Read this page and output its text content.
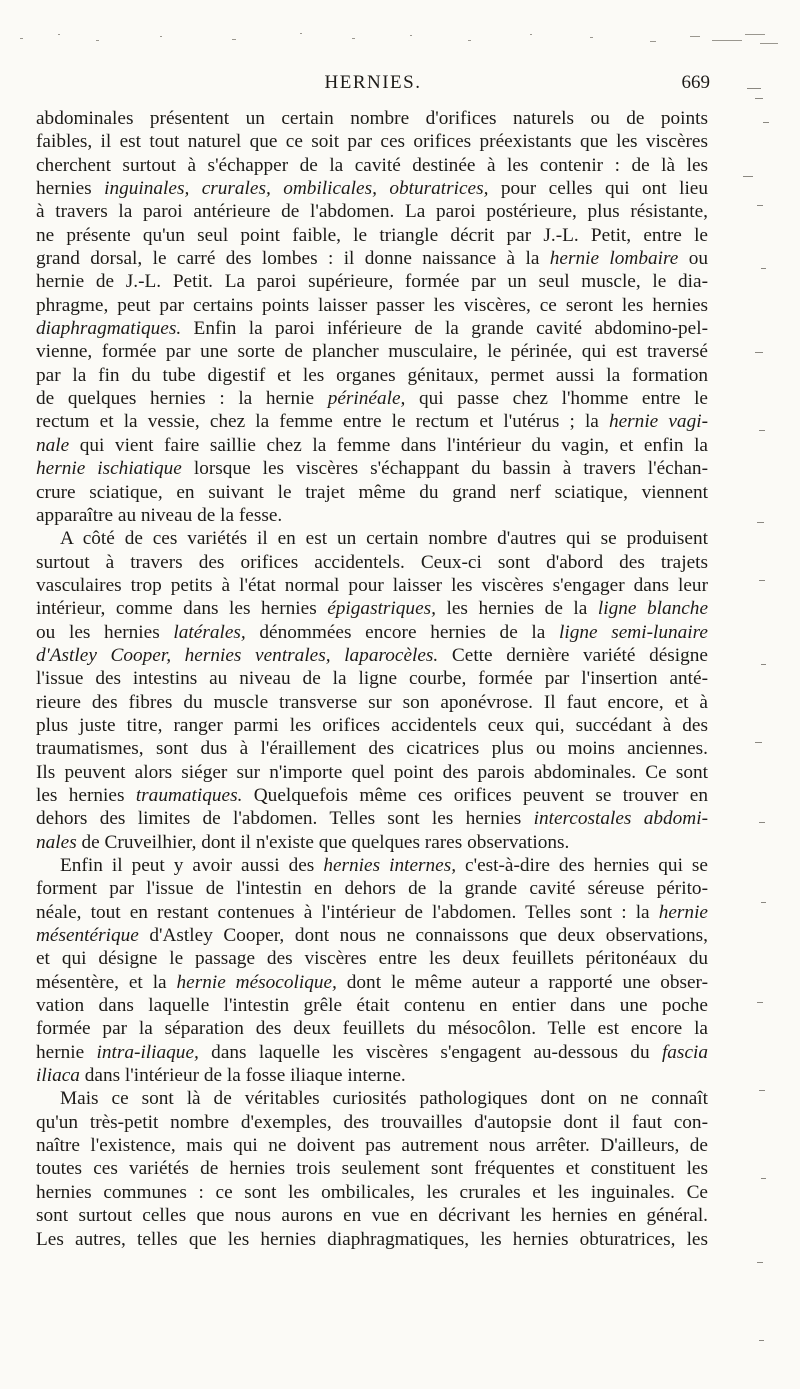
HERNIES.	669

abdominales présentent un certain nombre d'orifices naturels ou de points
faibles, il est tout naturel que ce soit par ces orifices préexistants que les viscères
cherchent surtout à s'échapper de la cavité destinée à les contenir : de là les
hernies inguinales, crurales, ombilicales, obturatrices, pour celles qui ont lieu
à travers la paroi antérieure de l'abdomen. La paroi postérieure, plus résistante,
ne présente qu'un seul point faible, le triangle décrit par J.-L. Petit, entre le
grand dorsal, le carré des lombes : il donne naissance à la hernie lombaire ou
hernie de J.-L. Petit. La paroi supérieure, formée par un seul muscle, le dia-
phragme, peut par certains points laisser passer les viscères, ce seront les hernies
diaphragmatiques. Enfin la paroi inférieure de la grande cavité abdomino-pel-
vienne, formée par une sorte de plancher musculaire, le périnée, qui est traversé
par la fin du tube digestif et les organes génitaux, permet aussi la formation
de quelques hernies : la hernie périnéale, qui passe chez l'homme entre le
rectum et la vessie, chez la femme entre le rectum et l'utérus ; la hernie vagi-
nale qui vient faire saillie chez la femme dans l'intérieur du vagin, et enfin la
hernie ischiatique lorsque les viscères s'échappant du bassin à travers l'échan-
crure sciatique, en suivant le trajet même du grand nerf sciatique, viennent
apparaître au niveau de la fesse.

A côté de ces variétés il en est un certain nombre d'autres qui se produisent
surtout à travers des orifices accidentels. Ceux-ci sont d'abord des trajets
vasculaires trop petits à l'état normal pour laisser les viscères s'engager dans leur
intérieur, comme dans les hernies épigastriques, les hernies de la ligne blanche
ou les hernies latérales, dénommées encore hernies de la ligne semi-lunaire
d'Astley Cooper, hernies ventrales, laparocèles. Cette dernière variété désigne
l'issue des intestins au niveau de la ligne courbe, formée par l'insertion anté-
rieure des fibres du muscle transverse sur son aponévrose. Il faut encore, et à
plus juste titre, ranger parmi les orifices accidentels ceux qui, succédant à des
traumatismes, sont dus à l'éraillement des cicatrices plus ou moins anciennes.
Ils peuvent alors siéger sur n'importe quel point des parois abdominales. Ce sont
les hernies traumatiques. Quelquefois même ces orifices peuvent se trouver en
dehors des limites de l'abdomen. Telles sont les hernies intercostales abdomi-
nales de Cruveilhier, dont il n'existe que quelques rares observations.

Enfin il peut y avoir aussi des hernies internes, c'est-à-dire des hernies qui se
forment par l'issue de l'intestin en dehors de la grande cavité séreuse périto-
néale, tout en restant contenues à l'intérieur de l'abdomen. Telles sont : la hernie
mésentérique d'Astley Cooper, dont nous ne connaissons que deux observations,
et qui désigne le passage des viscères entre les deux feuillets péritonéaux du
mésentère, et la hernie mésocolique, dont le même auteur a rapporté une obser-
vation dans laquelle l'intestin grêle était contenu en entier dans une poche
formée par la séparation des deux feuillets du mésocôlon. Telle est encore la
hernie intra-iliaque, dans laquelle les viscères s'engagent au-dessous du fascia
iliaca dans l'intérieur de la fosse iliaque interne.

Mais ce sont là de véritables curiosités pathologiques dont on ne connaît
qu'un très-petit nombre d'exemples, des trouvailles d'autopsie dont il faut con-
naître l'existence, mais qui ne doivent pas autrement nous arrêter. D'ailleurs, de
toutes ces variétés de hernies trois seulement sont fréquentes et constituent les
hernies communes : ce sont les ombilicales, les crurales et les inguinales. Ce
sont surtout celles que nous aurons en vue en décrivant les hernies en général.
Les autres, telles que les hernies diaphragmatiques, les hernies obturatrices, les
